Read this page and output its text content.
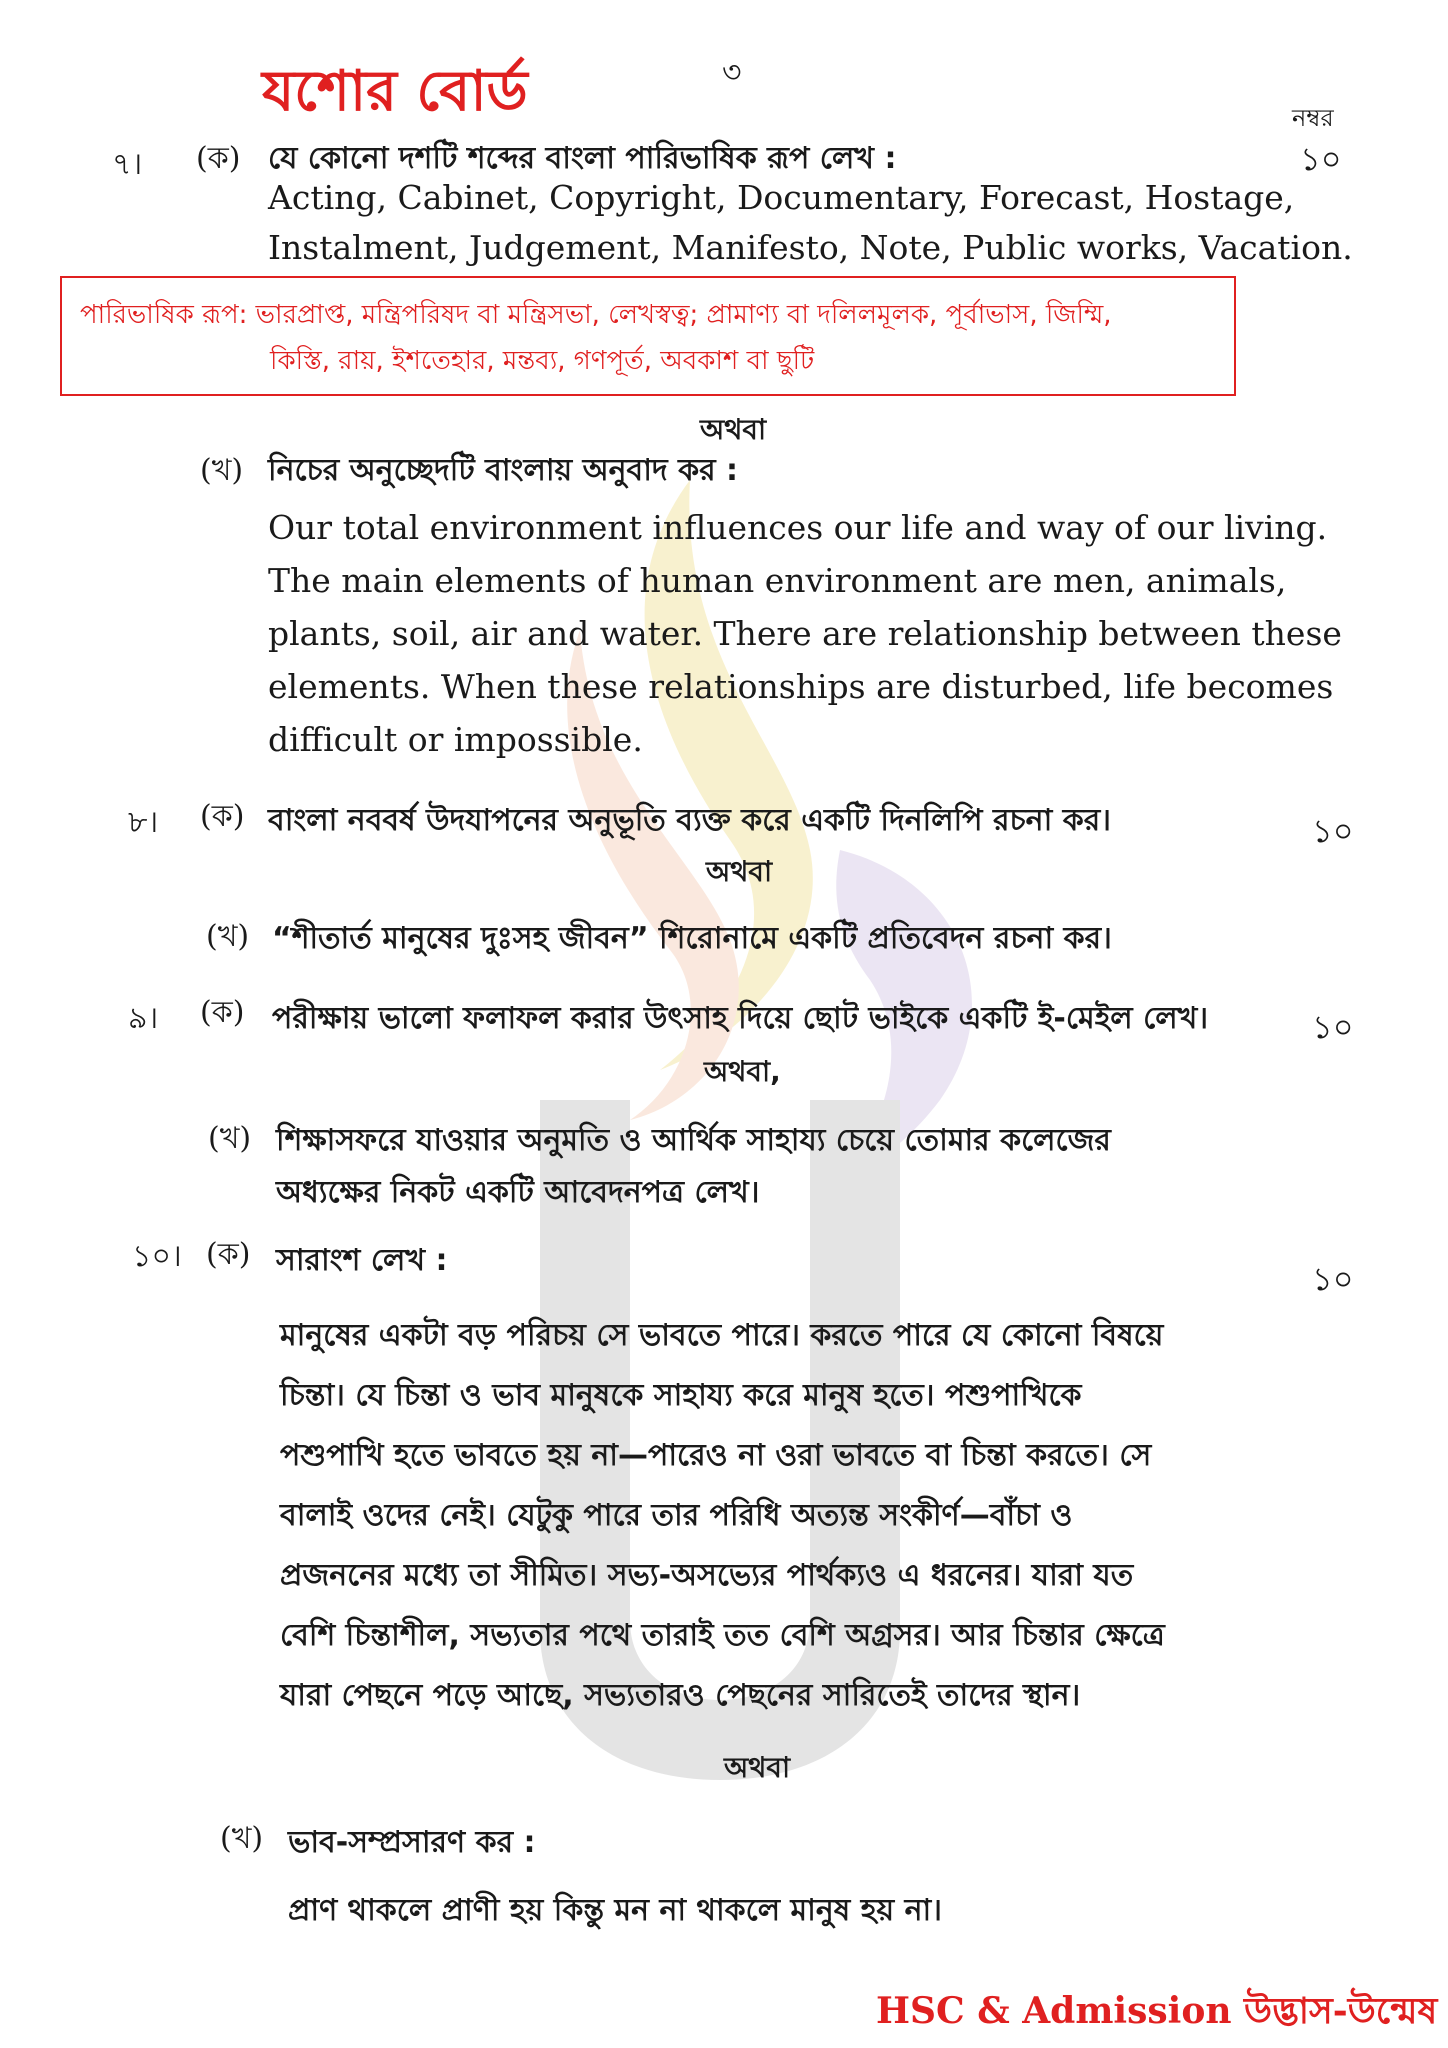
যশোর বোর্ড	৩
নম্বর
৭। (ক) যে কোনো দশটি শব্দের বাংলা পারিভাষিক রূপ লেখ :	১০
Acting, Cabinet, Copyright, Documentary, Forecast, Hostage,
Instalment, Judgement, Manifesto, Note, Public works, Vacation.
পারিভাষিক রূপ: ভারপ্রাপ্ত, মন্ত্রিপরিষদ বা মন্ত্রিসভা, লেখস্বত্ব; প্রামাণ্য বা দলিলমূলক, পূর্বাভাস, জিম্মি,
কিস্তি, রায়, ইশতেহার, মন্তব্য, গণপূর্ত, অবকাশ বা ছুটি
অথবা
(খ) নিচের অনুচ্ছেদটি বাংলায় অনুবাদ কর :
Our total environment influences our life and way of our living.
The main elements of human environment are men, animals,
plants, soil, air and water. There are relationship between these
elements. When these relationships are disturbed, life becomes
difficult or impossible.
৮। (ক) বাংলা নববর্ষ উদযাপনের অনুভূতি ব্যক্ত করে একটি দিনলিপি রচনা কর।	১০
অথবা
(খ) “শীতার্ত মানুষের দুঃসহ জীবন” শিরোনামে একটি প্রতিবেদন রচনা কর।
৯। (ক) পরীক্ষায় ভালো ফলাফল করার উৎসাহ দিয়ে ছোট ভাইকে একটি ই-মেইল লেখ।	১০
অথবা,
(খ) শিক্ষাসফরে যাওয়ার অনুমতি ও আর্থিক সাহায্য চেয়ে তোমার কলেজের
অধ্যক্ষের নিকট একটি আবেদনপত্র লেখ।
১০। (ক) সারাংশ লেখ :	১০
মানুষের একটা বড় পরিচয় সে ভাবতে পারে। করতে পারে যে কোনো বিষয়ে
চিন্তা। যে চিন্তা ও ভাব মানুষকে সাহায্য করে মানুষ হতে। পশুপাখিকে
পশুপাখি হতে ভাবতে হয় না—পারেও না ওরা ভাবতে বা চিন্তা করতে। সে
বালাই ওদের নেই। যেটুকু পারে তার পরিধি অত্যন্ত সংকীর্ণ—বাঁচা ও
প্রজননের মধ্যে তা সীমিত। সভ্য-অসভ্যের পার্থক্যও এ ধরনের। যারা যত
বেশি চিন্তাশীল, সভ্যতার পথে তারাই তত বেশি অগ্রসর। আর চিন্তার ক্ষেত্রে
যারা পেছনে পড়ে আছে, সভ্যতারও পেছনের সারিতেই তাদের স্থান।
অথবা
(খ) ভাব-সম্প্রসারণ কর :
প্রাণ থাকলে প্রাণী হয় কিন্তু মন না থাকলে মানুষ হয় না।
HSC & Admission উদ্ভাস-উন্মেষ
